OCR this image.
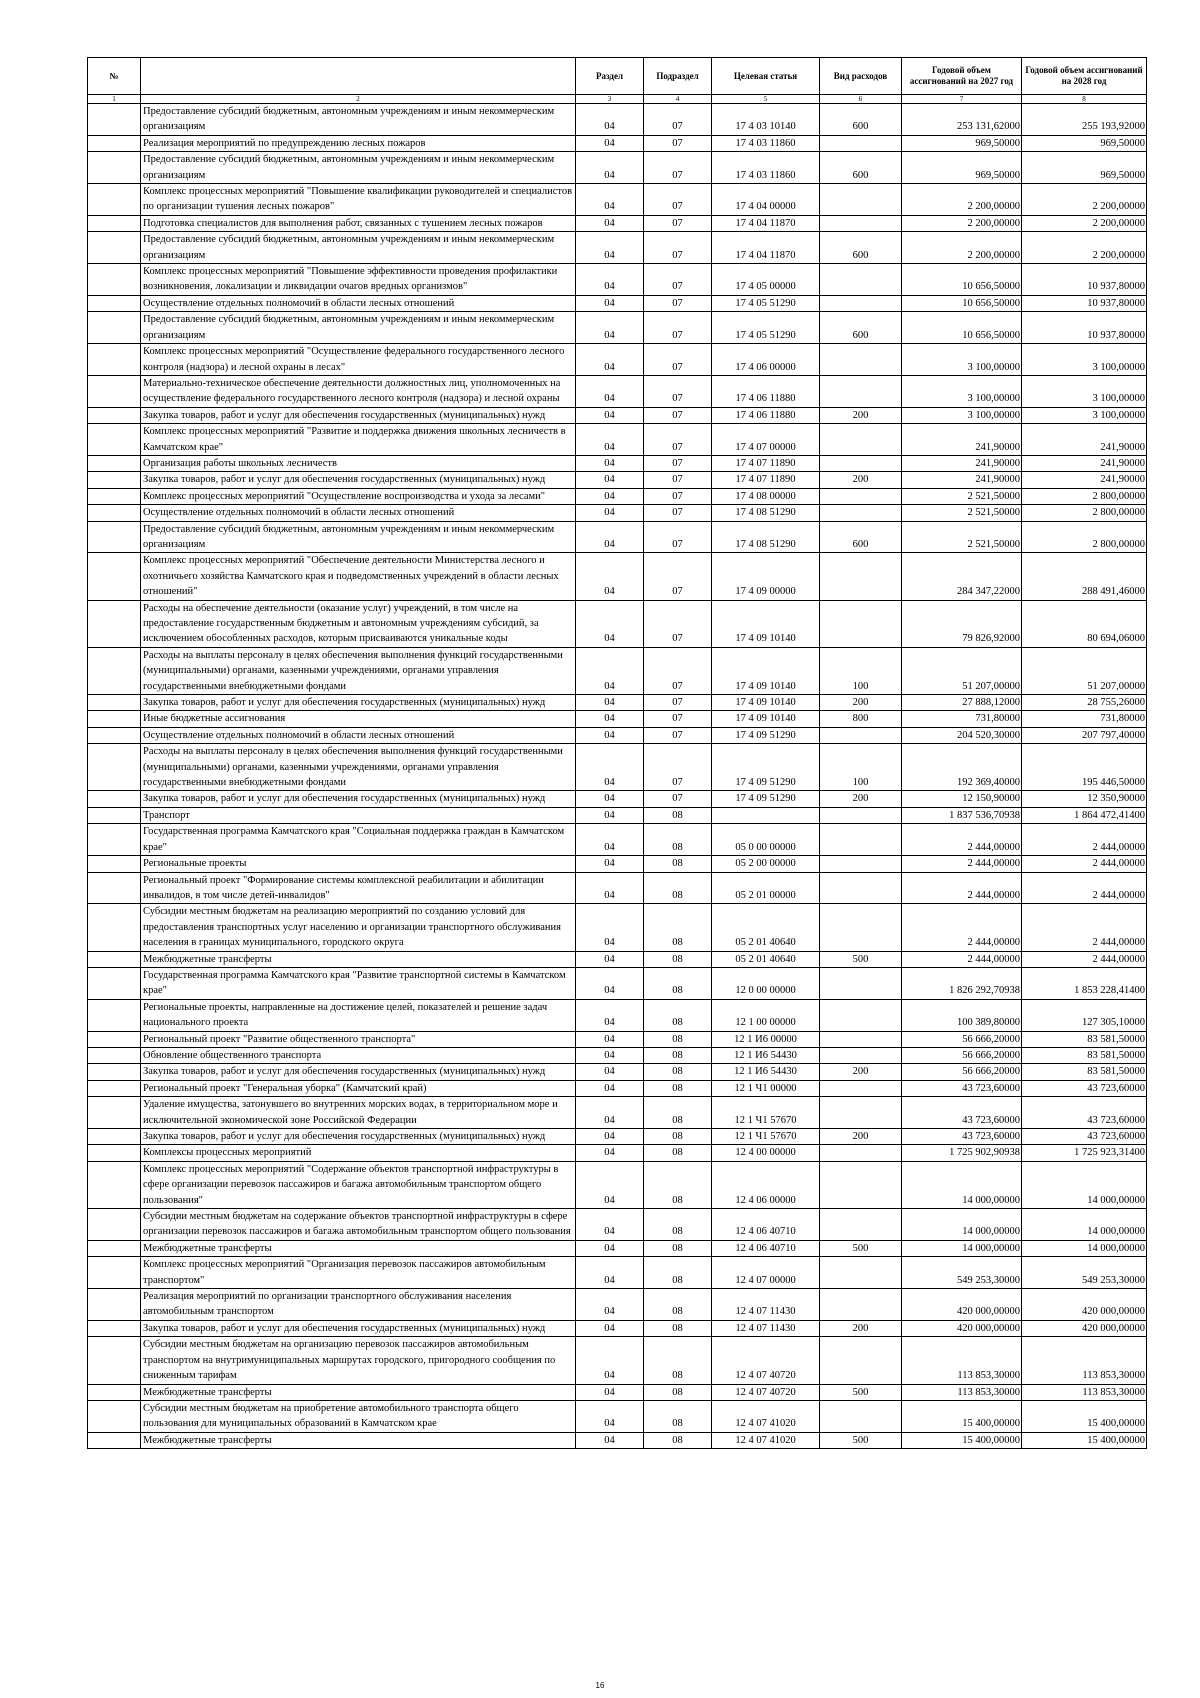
№		Раздел	Подраздел	Целевая статья	Вид расходов	Годовой объем ассигнований на 2027 год	Годовой объем ассигнований на 2028 год
1	2	3	4	5	6	7	8
	Предоставление субсидий бюджетным, автономным учреждениям и иным некоммерческим организациям	04	07	17 4 03 10140	600	253 131,62000	255 193,92000
	Реализация мероприятий по предупреждению лесных пожаров	04	07	17 4 03 11860		969,50000	969,50000
	Предоставление субсидий бюджетным, автономным учреждениям и иным некоммерческим организациям	04	07	17 4 03 11860	600	969,50000	969,50000
	Комплекс процессных мероприятий "Повышение квалификации руководителей и специалистов по организации тушения лесных пожаров"	04	07	17 4 04 00000		2 200,00000	2 200,00000
	Подготовка специалистов для выполнения работ, связанных с тушением лесных пожаров	04	07	17 4 04 11870		2 200,00000	2 200,00000
	Предоставление субсидий бюджетным, автономным учреждениям и иным некоммерческим организациям	04	07	17 4 04 11870	600	2 200,00000	2 200,00000
	Комплекс процессных мероприятий "Повышение эффективности проведения профилактики возникновения, локализации и ликвидации очагов вредных организмов"	04	07	17 4 05 00000		10 656,50000	10 937,80000
	Осуществление отдельных полномочий в области лесных отношений	04	07	17 4 05 51290		10 656,50000	10 937,80000
	Предоставление субсидий бюджетным, автономным учреждениям и иным некоммерческим организациям	04	07	17 4 05 51290	600	10 656,50000	10 937,80000
	Комплекс процессных мероприятий "Осуществление федерального государственного лесного контроля (надзора) и лесной охраны в лесах"	04	07	17 4 06 00000		3 100,00000	3 100,00000
	Материально-техническое обеспечение деятельности должностных лиц, уполномоченных на осуществление федерального государственного лесного контроля (надзора) и лесной охраны	04	07	17 4 06 11880		3 100,00000	3 100,00000
	Закупка товаров, работ и услуг для обеспечения государственных (муниципальных) нужд	04	07	17 4 06 11880	200	3 100,00000	3 100,00000
	Комплекс процессных мероприятий "Развитие и поддержка движения школьных лесничеств в Камчатском крае"	04	07	17 4 07 00000		241,90000	241,90000
	Организация работы школьных лесничеств	04	07	17 4 07 11890		241,90000	241,90000
	Закупка товаров, работ и услуг для обеспечения государственных (муниципальных) нужд	04	07	17 4 07 11890	200	241,90000	241,90000
	Комплекс процессных мероприятий "Осуществление воспроизводства и ухода за лесами"	04	07	17 4 08 00000		2 521,50000	2 800,00000
	Осуществление отдельных полномочий в области лесных отношений	04	07	17 4 08 51290		2 521,50000	2 800,00000
	Предоставление субсидий бюджетным, автономным учреждениям и иным некоммерческим организациям	04	07	17 4 08 51290	600	2 521,50000	2 800,00000
	Комплекс процессных мероприятий "Обеспечение деятельности Министерства лесного и охотничьего хозяйства Камчатского края и подведомственных учреждений в области лесных отношений"	04	07	17 4 09 00000		284 347,22000	288 491,46000
	Расходы на обеспечение деятельности (оказание услуг) учреждений, в том числе на предоставление государственным бюджетным и автономным учреждениям субсидий, за исключением обособленных расходов, которым присваиваются уникальные коды	04	07	17 4 09 10140		79 826,92000	80 694,06000
	Расходы на выплаты персоналу в целях обеспечения выполнения функций государственными (муниципальными) органами, казенными учреждениями, органами управления государственными внебюджетными фондами	04	07	17 4 09 10140	100	51 207,00000	51 207,00000
	Закупка товаров, работ и услуг для обеспечения государственных (муниципальных) нужд	04	07	17 4 09 10140	200	27 888,12000	28 755,26000
	Иные бюджетные ассигнования	04	07	17 4 09 10140	800	731,80000	731,80000
	Осуществление отдельных полномочий в области лесных отношений	04	07	17 4 09 51290		204 520,30000	207 797,40000
	Расходы на выплаты персоналу в целях обеспечения выполнения функций государственными (муниципальными) органами, казенными учреждениями, органами управления государственными внебюджетными фондами	04	07	17 4 09 51290	100	192 369,40000	195 446,50000
	Закупка товаров, работ и услуг для обеспечения государственных (муниципальных) нужд	04	07	17 4 09 51290	200	12 150,90000	12 350,90000
	Транспорт	04	08			1 837 536,70938	1 864 472,41400
	Государственная программа Камчатского края "Социальная поддержка граждан в Камчатском крае"	04	08	05 0 00 00000		2 444,00000	2 444,00000
	Региональные проекты	04	08	05 2 00 00000		2 444,00000	2 444,00000
	Региональный проект "Формирование системы комплексной реабилитации и абилитации инвалидов, в том числе детей-инвалидов"	04	08	05 2 01 00000		2 444,00000	2 444,00000
	Субсидии местным бюджетам на реализацию мероприятий по созданию условий для предоставления транспортных услуг населению и организации транспортного обслуживания населения в границах муниципального, городского округа	04	08	05 2 01 40640		2 444,00000	2 444,00000
	Межбюджетные трансферты	04	08	05 2 01 40640	500	2 444,00000	2 444,00000
	Государственная программа Камчатского края "Развитие транспортной системы в Камчатском крае"	04	08	12 0 00 00000		1 826 292,70938	1 853 228,41400
	Региональные проекты, направленные на достижение целей, показателей и решение задач национального проекта	04	08	12 1 00 00000		100 389,80000	127 305,10000
	Региональный проект "Развитие общественного транспорта"	04	08	12 1 И6 00000		56 666,20000	83 581,50000
	Обновление общественного транспорта	04	08	12 1 И6 54430		56 666,20000	83 581,50000
	Закупка товаров, работ и услуг для обеспечения государственных (муниципальных) нужд	04	08	12 1 И6 54430	200	56 666,20000	83 581,50000
	Региональный проект "Генеральная уборка" (Камчатский край)	04	08	12 1 Ч1 00000		43 723,60000	43 723,60000
	Удаление имущества, затонувшего во внутренних морских водах, в территориальном море и исключительной экономической зоне Российской Федерации	04	08	12 1 Ч1 57670		43 723,60000	43 723,60000
	Закупка товаров, работ и услуг для обеспечения государственных (муниципальных) нужд	04	08	12 1 Ч1 57670	200	43 723,60000	43 723,60000
	Комплексы процессных мероприятий	04	08	12 4 00 00000		1 725 902,90938	1 725 923,31400
	Комплекс процессных мероприятий "Содержание объектов транспортной инфраструктуры в сфере организации перевозок пассажиров и багажа автомобильным транспортом общего пользования"	04	08	12 4 06 00000		14 000,00000	14 000,00000
	Субсидии местным бюджетам на содержание объектов транспортной инфраструктуры в сфере организации перевозок пассажиров и багажа автомобильным транспортом общего пользования	04	08	12 4 06 40710		14 000,00000	14 000,00000
	Межбюджетные трансферты	04	08	12 4 06 40710	500	14 000,00000	14 000,00000
	Комплекс процессных мероприятий "Организация перевозок пассажиров автомобильным транспортом"	04	08	12 4 07 00000		549 253,30000	549 253,30000
	Реализация мероприятий по организации транспортного обслуживания населения автомобильным транспортом	04	08	12 4 07 11430		420 000,00000	420 000,00000
	Закупка товаров, работ и услуг для обеспечения государственных (муниципальных) нужд	04	08	12 4 07 11430	200	420 000,00000	420 000,00000
	Субсидии местным бюджетам на организацию перевозок пассажиров автомобильным транспортом на внутримуниципальных маршрутах городского, пригородного сообщения по сниженным тарифам	04	08	12 4 07 40720		113 853,30000	113 853,30000
	Межбюджетные трансферты	04	08	12 4 07 40720	500	113 853,30000	113 853,30000
	Субсидии местным бюджетам на приобретение автомобильного транспорта общего пользования для муниципальных образований в Камчатском крае	04	08	12 4 07 41020		15 400,00000	15 400,00000
	Межбюджетные трансферты	04	08	12 4 07 41020	500	15 400,00000	15 400,00000
16
